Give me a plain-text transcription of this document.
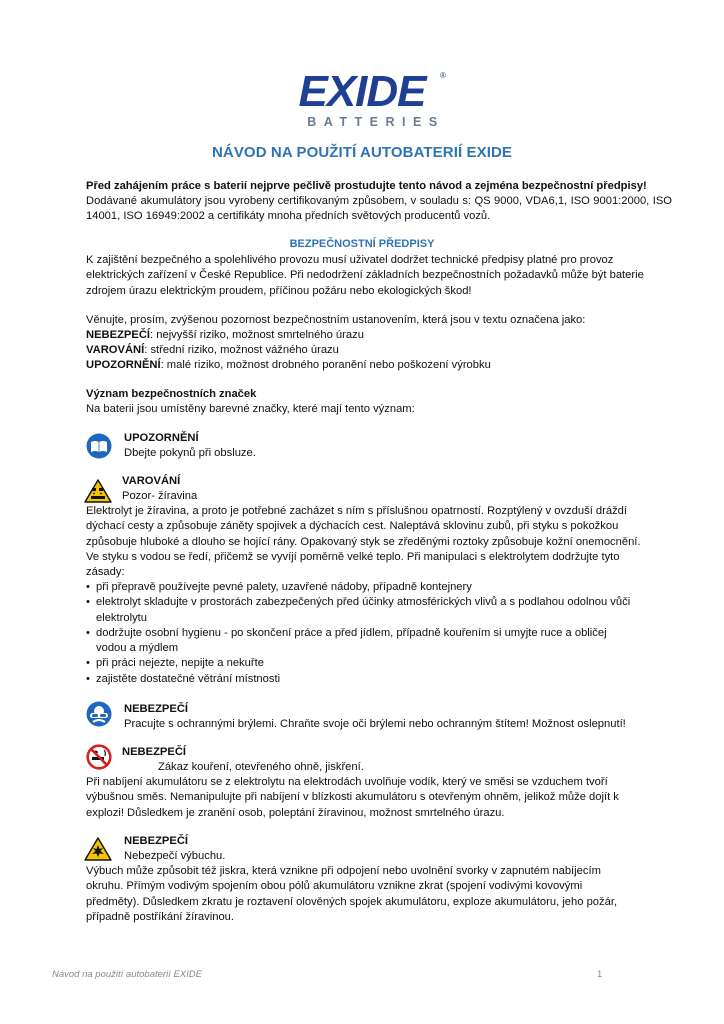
EXIDE	®
BATTERIES
NÁVOD NA POUŽITÍ AUTOBATERIÍ EXIDE
Před zahájením práce s baterií nejprve pečlivě prostudujte tento návod a zejména bezpečnostní předpisy!
Dodávané akumulátory jsou vyrobeny certifikovaným způsobem, v souladu s: QS 9000, VDA6,1, ISO 9001:2000, ISO
14001, ISO 16949:2002 a certifikáty mnoha předních světových producentů vozů.
BEZPEČNOSTNÍ PŘEDPISY
K zajištění bezpečného a spolehlivého provozu musí uživatel dodržet technické předpisy platné pro provoz
elektrických zařízení v České Republice. Při nedodržení základních bezpečnostních požadavků může být baterie
zdrojem úrazu elektrickým proudem, příčinou požáru nebo ekologických škod!
Věnujte, prosím, zvýšenou pozornost bezpečnostním ustanovením, která jsou v textu označena jako:
NEBEZPEČÍ: nejvyšší riziko, možnost smrtelného úrazu
VAROVÁNÍ: střední riziko, možnost vážného úrazu
UPOZORNĚNÍ: malé riziko, možnost drobného poranění nebo poškození výrobku
Význam bezpečnostních značek
Na baterii jsou umístěny barevné značky, které mají tento význam:
UPOZORNĚNÍ
Dbejte pokynů při obsluze.
VAROVÁNÍ
Pozor- žíravina
Elektrolyt je žíravina, a proto je potřebné zacházet s ním s příslušnou opatrností. Rozptýlený v ovzduší dráždí
dýchací cesty a způsobuje záněty spojivek a dýchacích cest. Naleptává sklovinu zubů, při styku s pokožkou
způsobuje hluboké a dlouho se hojící rány. Opakovaný styk se zředěnými roztoky způsobuje kožní onemocnění.
Ve styku s vodou se ředí, přičemž se vyvíjí poměrně velké teplo. Při manipulaci s elektrolytem dodržujte tyto
zásady:
• při přepravě používejte pevné palety, uzavřené nádoby, případně kontejnery
• elektrolyt skladujte v prostorách zabezpečených před účinky atmosférických vlivů a s podlahou odolnou vůči
elektrolytu
• dodržujte osobní hygienu - po skončení práce a před jídlem, případně kouřením si umyjte ruce a obličej
vodou a mýdlem
• při práci nejezte, nepijte a nekuřte
• zajistěte dostatečné větrání místnosti
NEBEZPEČÍ
Pracujte s ochrannými brýlemi. Chraňte svoje oči brýlemi nebo ochranným štítem! Možnost oslepnutí!
NEBEZPEČÍ
Zákaz kouření, otevřeného ohně, jiskření.
Při nabíjení akumulátoru se z elektrolytu na elektrodách uvolňuje vodík, který ve směsi se vzduchem tvoří
výbušnou směs. Nemanipulujte při nabíjení v blízkosti akumulátoru s otevřeným ohněm, jelikož může dojít k
explozi! Důsledkem je zranění osob, poleptání žíravinou, možnost smrtelného úrazu.
NEBEZPEČÍ
Nebezpečí výbuchu.
Výbuch může způsobit též jiskra, která vznikne při odpojení nebo uvolnění svorky v zapnutém nabíjecím
okruhu. Přímým vodivým spojením obou pólů akumulátoru vznikne zkrat (spojení vodivými kovovými
předměty). Důsledkem zkratu je roztavení olověných spojek akumulátoru, exploze akumulátoru, jeho požár,
případně postříkání žíravinou.
Návod na použití autobaterií EXIDE	1
